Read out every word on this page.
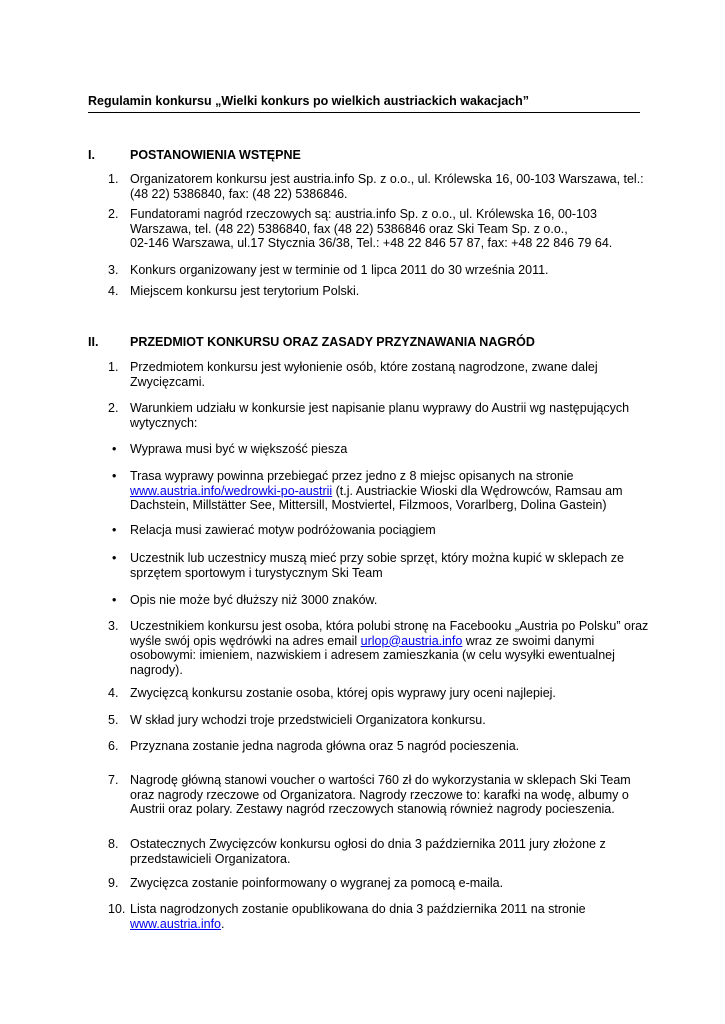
Regulamin konkursu „Wielki konkurs po wielkich austriackich wakacjach”
I.	POSTANOWIENIA WSTĘPNE
1. Organizatorem konkursu jest austria.info Sp. z o.o., ul. Królewska 16, 00-103 Warszawa, tel.:
(48 22) 5386840, fax: (48 22) 5386846.
2. Fundatorami nagród rzeczowych są: austria.info Sp. z o.o., ul. Królewska 16, 00-103
Warszawa, tel. (48 22) 5386840, fax (48 22) 5386846 oraz Ski Team Sp. z o.o.,
02-146 Warszawa, ul.17 Stycznia 36/38, Tel.: +48 22 846 57 87, fax: +48 22 846 79 64.
3. Konkurs organizowany jest w terminie od 1 lipca 2011 do 30 września 2011.
4. Miejscem konkursu jest terytorium Polski.
II.	PRZEDMIOT KONKURSU ORAZ ZASADY PRZYZNAWANIA NAGRÓD
1. Przedmiotem konkursu jest wyłonienie osób, które zostaną nagrodzone, zwane dalej
Zwycięzcami.
2. Warunkiem udziału w konkursie jest napisanie planu wyprawy do Austrii wg następujących
wytycznych:
• Wyprawa musi być w większość piesza
• Trasa wyprawy powinna przebiegać przez jedno z 8 miejsc opisanych na stronie
www.austria.info/wedrowki-po-austrii (t.j. Austriackie Wioski dla Wędrowców, Ramsau am
Dachstein, Millstätter See, Mittersill, Mostviertel, Filzmoos, Vorarlberg, Dolina Gastein)
• Relacja musi zawierać motyw podróżowania pociągiem
• Uczestnik lub uczestnicy muszą mieć przy sobie sprzęt, który można kupić w sklepach ze
sprzętem sportowym i turystycznym Ski Team
• Opis nie może być dłuższy niż 3000 znaków.
3. Uczestnikiem konkursu jest osoba, która polubi stronę na Facebooku „Austria po Polsku” oraz
wyśle swój opis wędrówki na adres email urlop@austria.info wraz ze swoimi danymi
osobowymi: imieniem, nazwiskiem i adresem zamieszkania (w celu wysyłki ewentualnej
nagrody).
4. Zwycięzcą konkursu zostanie osoba, której opis wyprawy jury oceni najlepiej.
5. W skład jury wchodzi troje przedstwicieli Organizatora konkursu.
6. Przyznana zostanie jedna nagroda główna oraz 5 nagród pocieszenia.
7. Nagrodę główną stanowi voucher o wartości 760 zł do wykorzystania w sklepach Ski Team
oraz nagrody rzeczowe od Organizatora. Nagrody rzeczowe to: karafki na wodę, albumy o
Austrii oraz polary. Zestawy nagród rzeczowych stanowią również nagrody pocieszenia.
8. Ostatecznych Zwycięzców konkursu ogłosi do dnia 3 października 2011 jury złożone z
przedstawicieli Organizatora.
9. Zwycięzca zostanie poinformowany o wygranej za pomocą e-maila.
10. Lista nagrodzonych zostanie opublikowana do dnia 3 października 2011 na stronie
www.austria.info.
